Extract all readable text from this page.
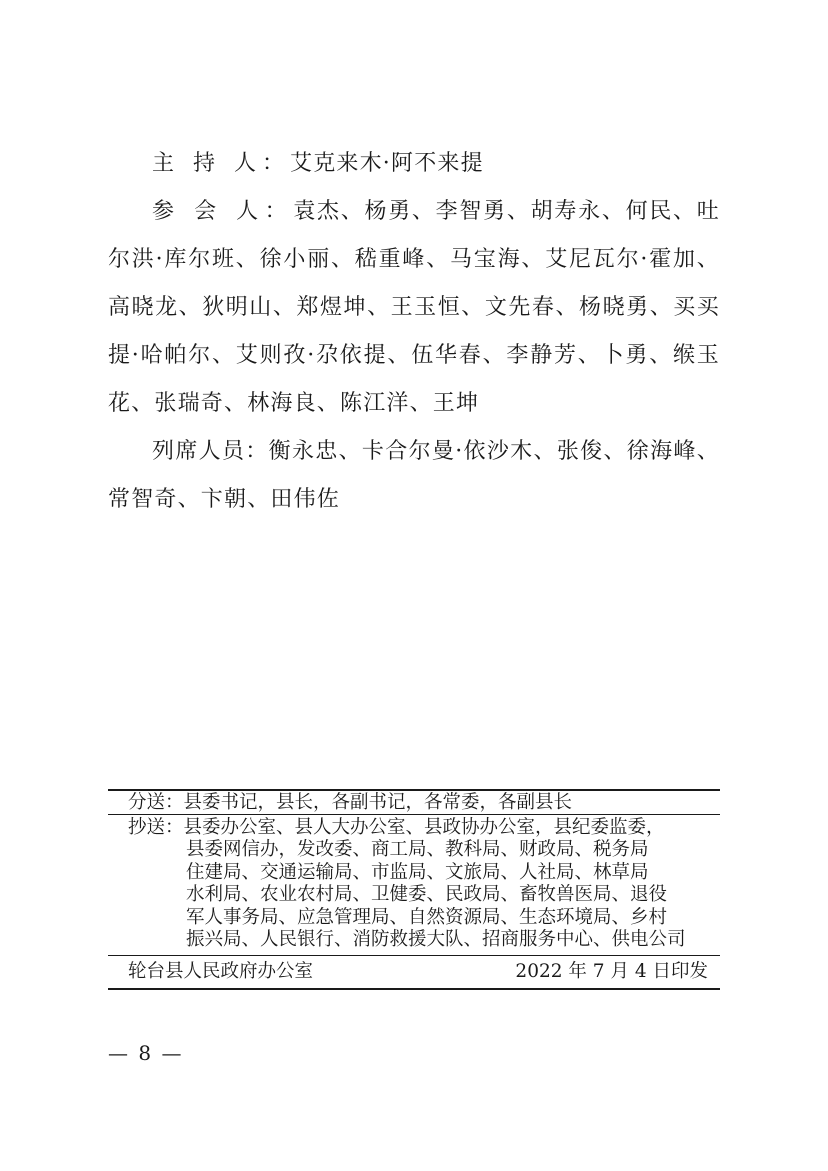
主 持 人：艾克来木·阿不来提

参 会 人：袁杰、杨勇、李智勇、胡寿永、何民、吐尔洪·库尔班、徐小丽、嵇重峰、马宝海、艾尼瓦尔·霍加、高晓龙、狄明山、郑煜坤、王玉恒、文先春、杨晓勇、买买提·哈帕尔、艾则孜·尕依提、伍华春、李静芳、卜勇、缑玉花、张瑞奇、林海良、陈江洋、王坤

列席人员：衡永忠、卡合尔曼·依沙木、张俊、徐海峰、常智奇、卞朝、田伟佐

分送： 县委书记，县长，各副书记，各常委，各副县长
抄送：县委办公室、县人大办公室、县政协办公室，县纪委监委，
县委网信办，发改委、商工局、教科局、财政局、税务局
住建局、交通运输局、市监局、文旅局、人社局、林草局
水利局、农业农村局、卫健委、民政局、畜牧兽医局、退役
军人事务局、应急管理局、自然资源局、生态环境局、乡村
振兴局、人民银行、消防救援大队、招商服务中心、供电公司
轮台县人民政府办公室	2022 年 7 月 4 日印发
— 8 —
